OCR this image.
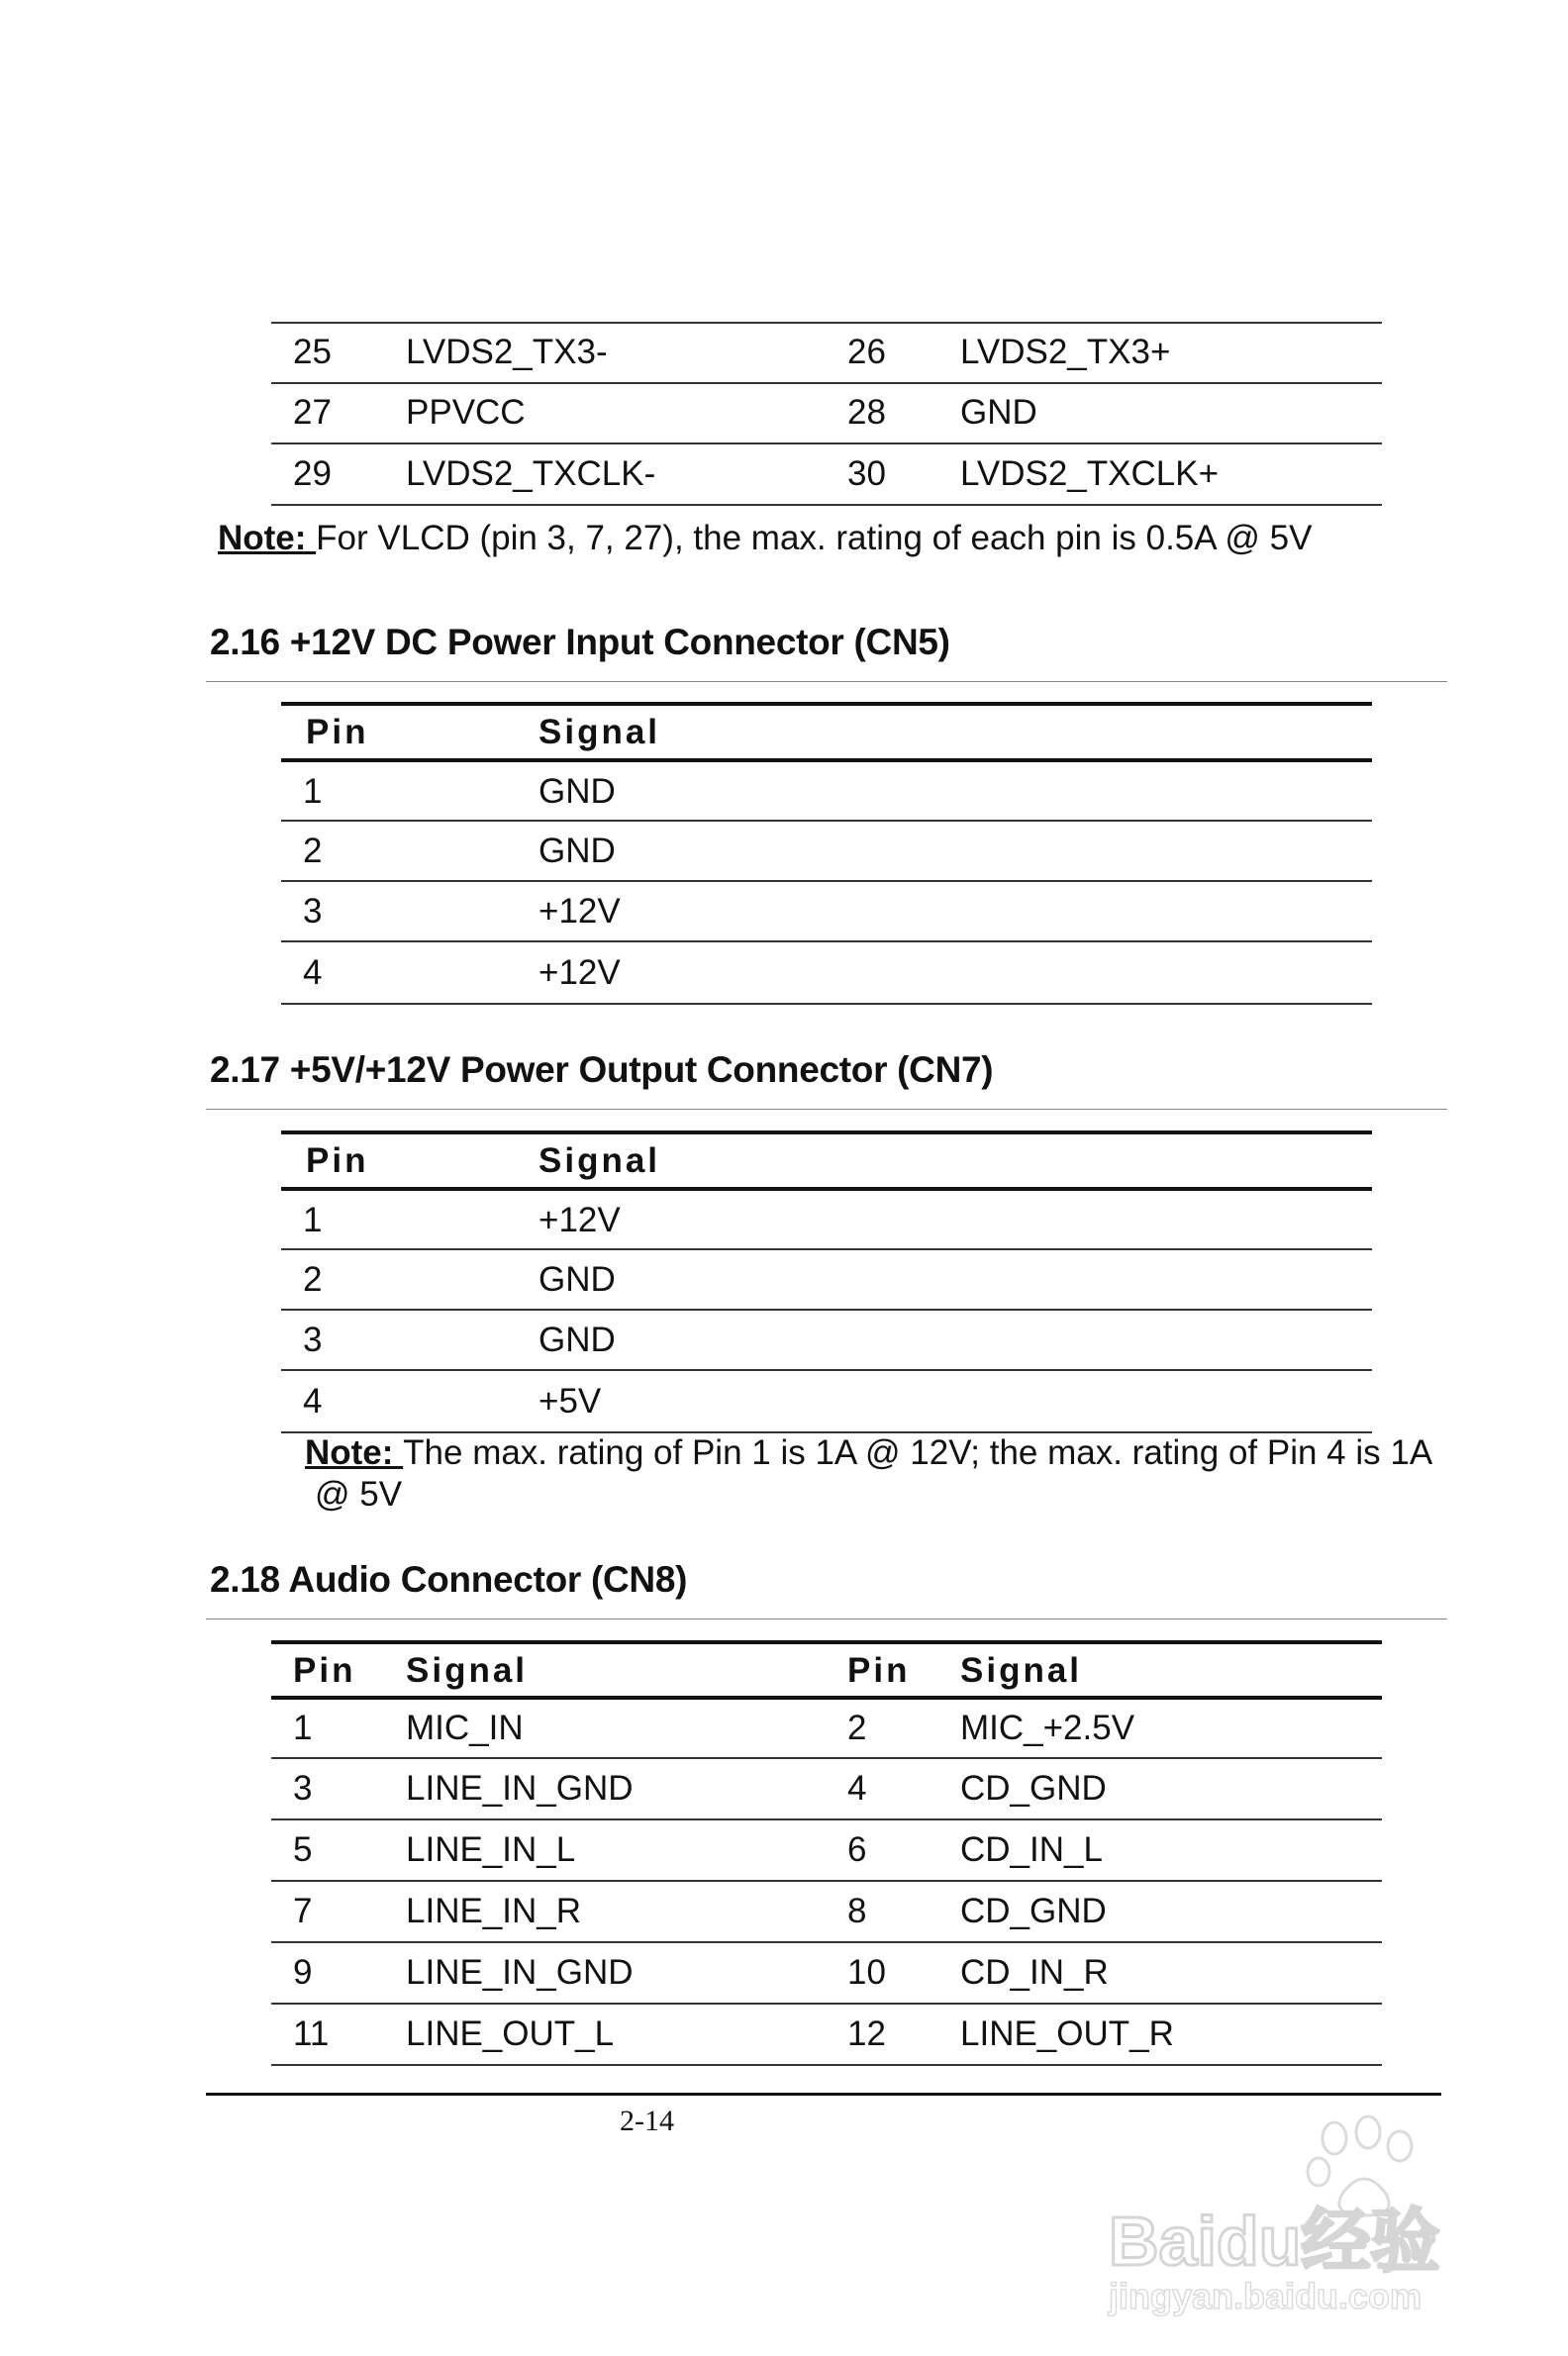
25 LVDS2_TX3-	26 LVDS2_TX3+
27 PPVCC	28 GND
29 LVDS2_TXCLK-	30 LVDS2_TXCLK+
Note: For VLCD (pin 3, 7, 27), the max. rating of each pin is 0.5A @ 5V
2.16 +12V DC Power Input Connector (CN5)
Pin	Signal
1	GND
2	GND
3	+12V
4	+12V
2.17 +5V/+12V Power Output Connector (CN7)
Pin	Signal
1	+12V
2	GND
3	GND
4	+5V
Note: The max. rating of Pin 1 is 1A @ 12V; the max. rating of Pin 4 is 1A
@ 5V
2.18 Audio Connector (CN8)
Pin Signal	Pin Signal
1	MIC_IN	2	MIC_+2.5V
3	LINE_IN_GND	4	CD_GND
5	LINE_IN_L	6	CD_IN_L
7	LINE_IN_R	8	CD_GND
9	LINE_IN_GND	10 CD_IN_R
11 LINE_OUT_L	12 LINE_OUT_R
2-14
Baidu经验
jingyan.baidu.com
